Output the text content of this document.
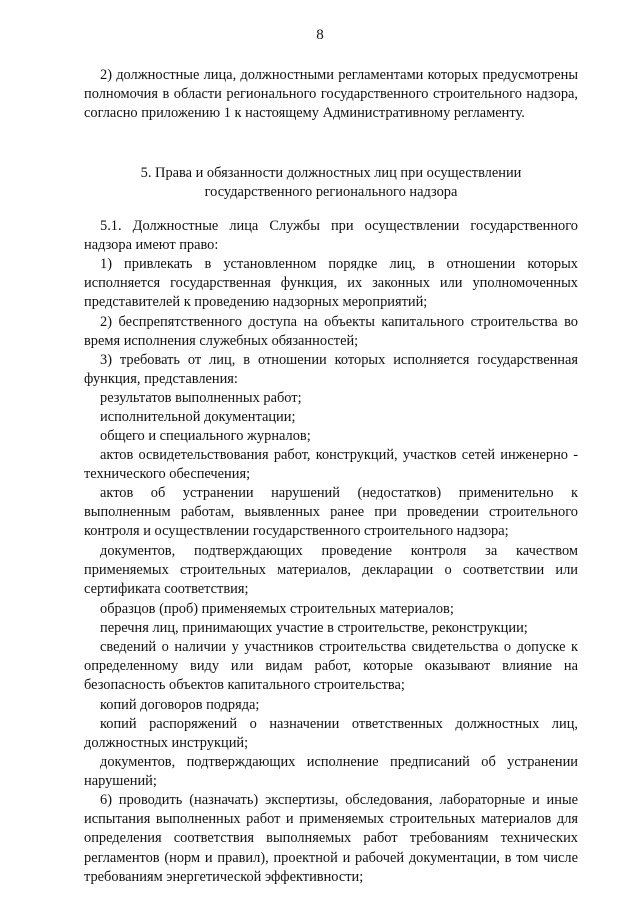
8

2) должностные лица, должностными регламентами которых предусмотрены полномочия в области регионального государственного строительного надзора, согласно приложению 1 к настоящему Административному регламенту.

5. Права и обязанности должностных лиц при осуществлении
государственного регионального надзора

5.1. Должностные лица Службы при осуществлении государственного надзора имеют право:

1) привлекать в установленном порядке лиц, в отношении которых исполняется государственная функция, их законных или уполномоченных представителей к проведению надзорных мероприятий;

2) беспрепятственного доступа на объекты капитального строительства во время исполнения служебных обязанностей;

3) требовать от лиц, в отношении которых исполняется государственная функция, представления:

результатов выполненных работ;

исполнительной документации;

общего и специального журналов;

актов освидетельствования работ, конструкций, участков сетей инженерно - технического обеспечения;

актов об устранении нарушений (недостатков) применительно к выполненным работам, выявленных ранее при проведении строительного контроля и осуществлении государственного строительного надзора;

документов, подтверждающих проведение контроля за качеством применяемых строительных материалов, декларации о соответствии или сертификата соответствия;

образцов (проб) применяемых строительных материалов;

перечня лиц, принимающих участие в строительстве, реконструкции;

сведений о наличии у участников строительства свидетельства о допуске к определенному виду или видам работ, которые оказывают влияние на безопасность объектов капитального строительства;

копий договоров подряда;

копий распоряжений о назначении ответственных должностных лиц, должностных инструкций;

документов, подтверждающих исполнение предписаний об устранении нарушений;

6) проводить (назначать) экспертизы, обследования, лабораторные и иные испытания выполненных работ и применяемых строительных материалов для определения соответствия выполняемых работ требованиям технических регламентов (норм и правил), проектной и рабочей документации, в том числе требованиям энергетической эффективности;
